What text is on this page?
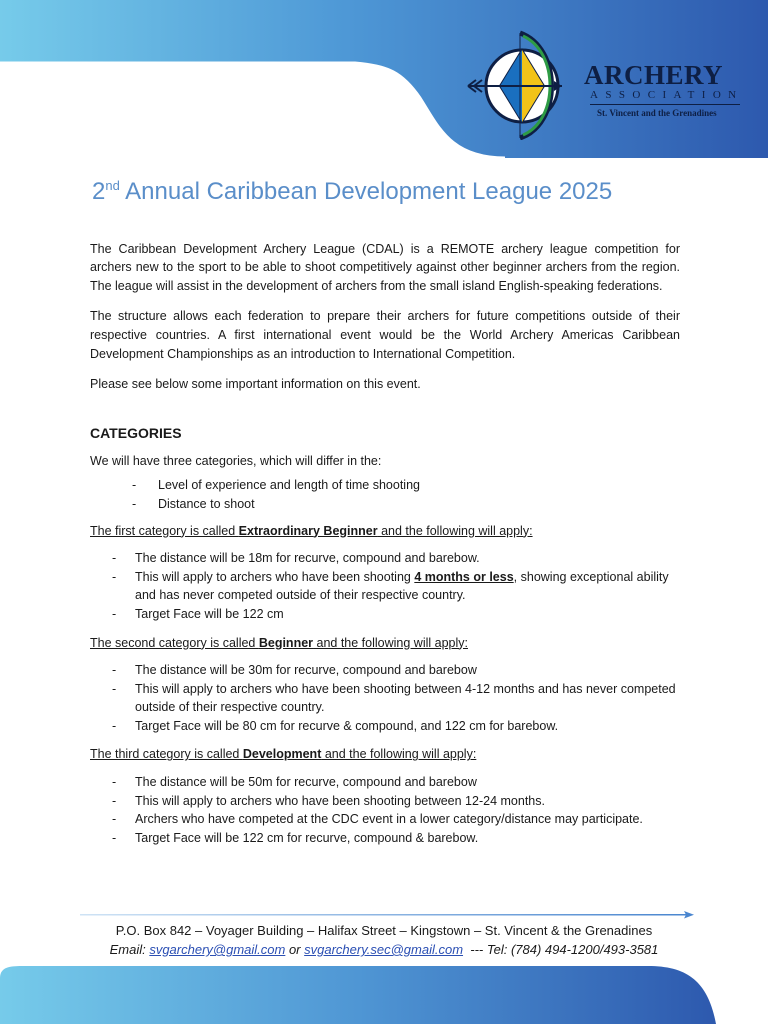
ARCHERY
ASSOCIATION
St. Vincent and the Grenadines
2nd Annual Caribbean Development League 2025

The Caribbean Development Archery League (CDAL) is a REMOTE archery league competition for archers new to the sport to be able to shoot competitively against other beginner archers from the region. The league will assist in the development of archers from the small island English-speaking federations.

The structure allows each federation to prepare their archers for future competitions outside of their respective countries. A first international event would be the World Archery Americas Caribbean Development Championships as an introduction to International Competition.

Please see below some important information on this event.

CATEGORIES

We will have three categories, which will differ in the:

- Level of experience and length of time shooting
- Distance to shoot

The first category is called Extraordinary Beginner and the following will apply:

- The distance will be 18m for recurve, compound and barebow.
- This will apply to archers who have been shooting 4 months or less, showing exceptional ability and has never competed outside of their respective country.
- Target Face will be 122 cm

The second category is called Beginner and the following will apply:

- The distance will be 30m for recurve, compound and barebow
- This will apply to archers who have been shooting between 4-12 months and has never competed outside of their respective country.
- Target Face will be 80 cm for recurve & compound, and 122 cm for barebow.

The third category is called Development and the following will apply:

- The distance will be 50m for recurve, compound and barebow
- This will apply to archers who have been shooting between 12-24 months.
- Archers who have competed at the CDC event in a lower category/distance may participate.
- Target Face will be 122 cm for recurve, compound & barebow.
P.O. Box 842 – Voyager Building – Halifax Street – Kingstown – St. Vincent & the Grenadines
Email: svgarchery@gmail.com or svgarchery.sec@gmail.com  --- Tel: (784) 494-1200/493-3581
